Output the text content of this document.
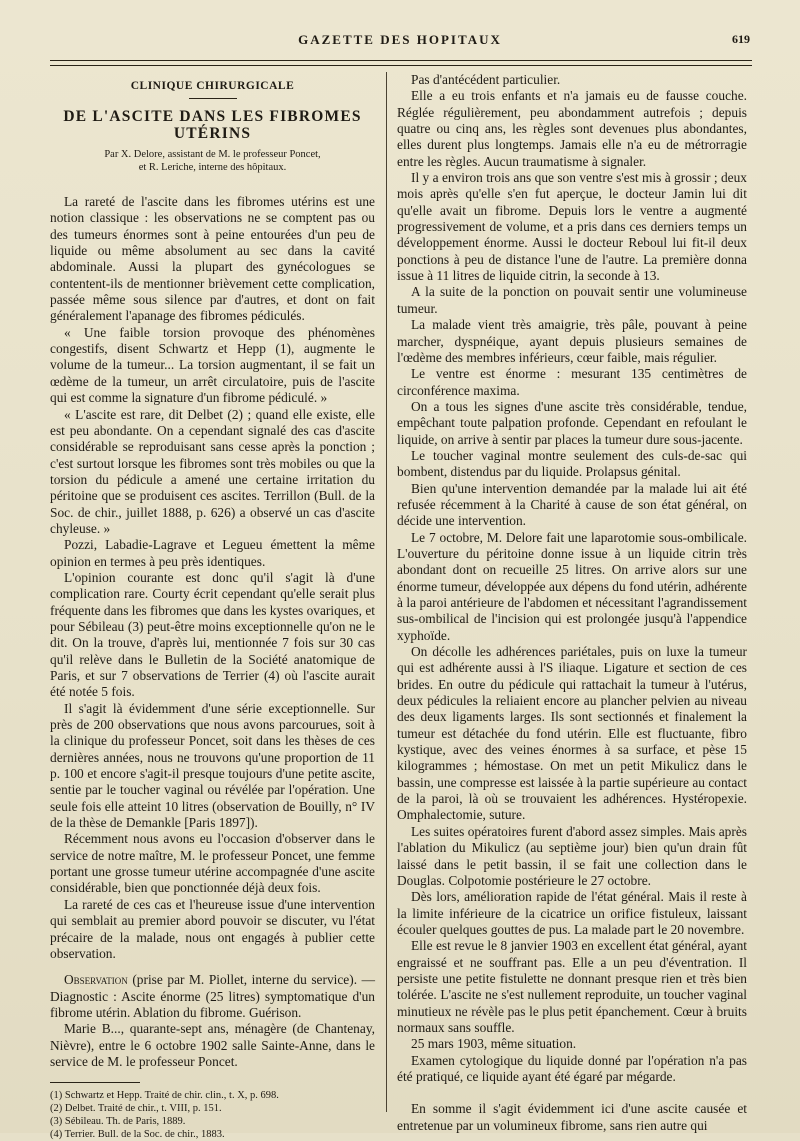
GAZETTE DES HOPITAUX	619
CLINIQUE CHIRURGICALE
DE L'ASCITE DANS LES FIBROMES UTÉRINS
Par X. Delore, assistant de M. le professeur Poncet,
et R. Leriche, interne des hôpitaux.

La rareté de l'ascite dans les fibromes utérins est une notion classique : les observations ne se comptent pas ou des tumeurs énormes sont à peine entourées d'un peu de liquide ou même absolument au sec dans la cavité abdominale. Aussi la plupart des gynécologues se contentent-ils de mentionner brièvement cette complication, passée même sous silence par d'autres, et dont on fait généralement l'apanage des fibromes pédiculés.

« Une faible torsion provoque des phénomènes congestifs, disent Schwartz et Hepp (1), augmente le volume de la tumeur... La torsion augmentant, il se fait un œdème de la tumeur, un arrêt circulatoire, puis de l'ascite qui est comme la signature d'un fibrome pédiculé. »

« L'ascite est rare, dit Delbet (2) ; quand elle existe, elle est peu abondante. On a cependant signalé des cas d'ascite considérable se reproduisant sans cesse après la ponction ; c'est surtout lorsque les fibromes sont très mobiles ou que la torsion du pédicule a amené une certaine irritation du péritoine que se produisent ces ascites. Terrillon (Bull. de la Soc. de chir., juillet 1888, p. 626) a observé un cas d'ascite chyleuse. »

Pozzi, Labadie-Lagrave et Legueu émettent la même opinion en termes à peu près identiques.

L'opinion courante est donc qu'il s'agit là d'une complication rare. Courty écrit cependant qu'elle serait plus fréquente dans les fibromes que dans les kystes ovariques, et pour Sébileau (3) peut-être moins exceptionnelle qu'on ne le dit. On la trouve, d'après lui, mentionnée 7 fois sur 30 cas qu'il relève dans le Bulletin de la Société anatomique de Paris, et sur 7 observations de Terrier (4) où l'ascite aurait été notée 5 fois.

Il s'agit là évidemment d'une série exceptionnelle. Sur près de 200 observations que nous avons parcourues, soit à la clinique du professeur Poncet, soit dans les thèses de ces dernières années, nous ne trouvons qu'une proportion de 11 p. 100 et encore s'agit-il presque toujours d'une petite ascite, sentie par le toucher vaginal ou révélée par l'opération. Une seule fois elle atteint 10 litres (observation de Bouilly, n° IV de la thèse de Demankle [Paris 1897]).

Récemment nous avons eu l'occasion d'observer dans le service de notre maître, M. le professeur Poncet, une femme portant une grosse tumeur utérine accompagnée d'une ascite considérable, bien que ponctionnée déjà deux fois.

La rareté de ces cas et l'heureuse issue d'une intervention qui semblait au premier abord pouvoir se discuter, vu l'état précaire de la malade, nous ont engagés à publier cette observation.

Observation (prise par M. Piollet, interne du service). — Diagnostic : Ascite énorme (25 litres) symptomatique d'un fibrome utérin. Ablation du fibrome. Guérison.

Marie B..., quarante-sept ans, ménagère (de Chantenay, Nièvre), entre le 6 octobre 1902 salle Sainte-Anne, dans le service de M. le professeur Poncet.

(1) Schwartz et Hepp. Traité de chir. clin., t. X, p. 698.
(2) Delbet. Traité de chir., t. VIII, p. 151.
(3) Sébileau. Th. de Paris, 1889.
(4) Terrier. Bull. de la Soc. de chir., 1883.

Pas d'antécédent particulier.

Elle a eu trois enfants et n'a jamais eu de fausse couche. Réglée régulièrement, peu abondamment autrefois ; depuis quatre ou cinq ans, les règles sont devenues plus abondantes, elles durent plus longtemps. Jamais elle n'a eu de métrorragie entre les règles. Aucun traumatisme à signaler.

Il y a environ trois ans que son ventre s'est mis à grossir ; deux mois après qu'elle s'en fut aperçue, le docteur Jamin lui dit qu'elle avait un fibrome. Depuis lors le ventre a augmenté progressivement de volume, et a pris dans ces derniers temps un développement énorme. Aussi le docteur Reboul lui fit-il deux ponctions à peu de distance l'une de l'autre. La première donna issue à 11 litres de liquide citrin, la seconde à 13.

A la suite de la ponction on pouvait sentir une volumineuse tumeur.

La malade vient très amaigrie, très pâle, pouvant à peine marcher, dyspnéique, ayant depuis plusieurs semaines de l'œdème des membres inférieurs, cœur faible, mais régulier.

Le ventre est énorme : mesurant 135 centimètres de circonférence maxima.

On a tous les signes d'une ascite très considérable, tendue, empêchant toute palpation profonde. Cependant en refoulant le liquide, on arrive à sentir par places la tumeur dure sous-jacente.

Le toucher vaginal montre seulement des culs-de-sac qui bombent, distendus par du liquide. Prolapsus génital.

Bien qu'une intervention demandée par la malade lui ait été refusée récemment à la Charité à cause de son état général, on décide une intervention.

Le 7 octobre, M. Delore fait une laparotomie sous-ombilicale. L'ouverture du péritoine donne issue à un liquide citrin très abondant dont on recueille 25 litres. On arrive alors sur une énorme tumeur, développée aux dépens du fond utérin, adhérente à la paroi antérieure de l'abdomen et nécessitant l'agrandissement sus-ombilical de l'incision qui est prolongée jusqu'à l'appendice xyphoïde.

On décolle les adhérences pariétales, puis on luxe la tumeur qui est adhérente aussi à l'S iliaque. Ligature et section de ces brides. En outre du pédicule qui rattachait la tumeur à l'utérus, deux pédicules la reliaient encore au plancher pelvien au niveau des deux ligaments larges. Ils sont sectionnés et finalement la tumeur est détachée du fond utérin. Elle est fluctuante, fibro kystique, avec des veines énormes à sa surface, et pèse 15 kilogrammes ; hémostase. On met un petit Mikulicz dans le bassin, une compresse est laissée à la partie supérieure au contact de la paroi, là où se trouvaient les adhérences. Hystéropexie. Omphalectomie, suture.

Les suites opératoires furent d'abord assez simples. Mais après l'ablation du Mikulicz (au septième jour) bien qu'un drain fût laissé dans le petit bassin, il se fait une collection dans le Douglas. Colpotomie postérieure le 27 octobre.

Dès lors, amélioration rapide de l'état général. Mais il reste à la limite inférieure de la cicatrice un orifice fistuleux, laissant écouler quelques gouttes de pus. La malade part le 20 novembre.

Elle est revue le 8 janvier 1903 en excellent état général, ayant engraissé et ne souffrant pas. Elle a un peu d'éventration. Il persiste une petite fistulette ne donnant presque rien et très bien tolérée. L'ascite ne s'est nullement reproduite, un toucher vaginal minutieux ne révèle pas le plus petit épanchement. Cœur à bruits normaux sans souffle.

25 mars 1903, même situation.

Examen cytologique du liquide donné par l'opération n'a pas été pratiqué, ce liquide ayant été égaré par mégarde.

En somme il s'agit évidemment ici d'une ascite causée et entretenue par un volumineux fibrome, sans rien autre qui
